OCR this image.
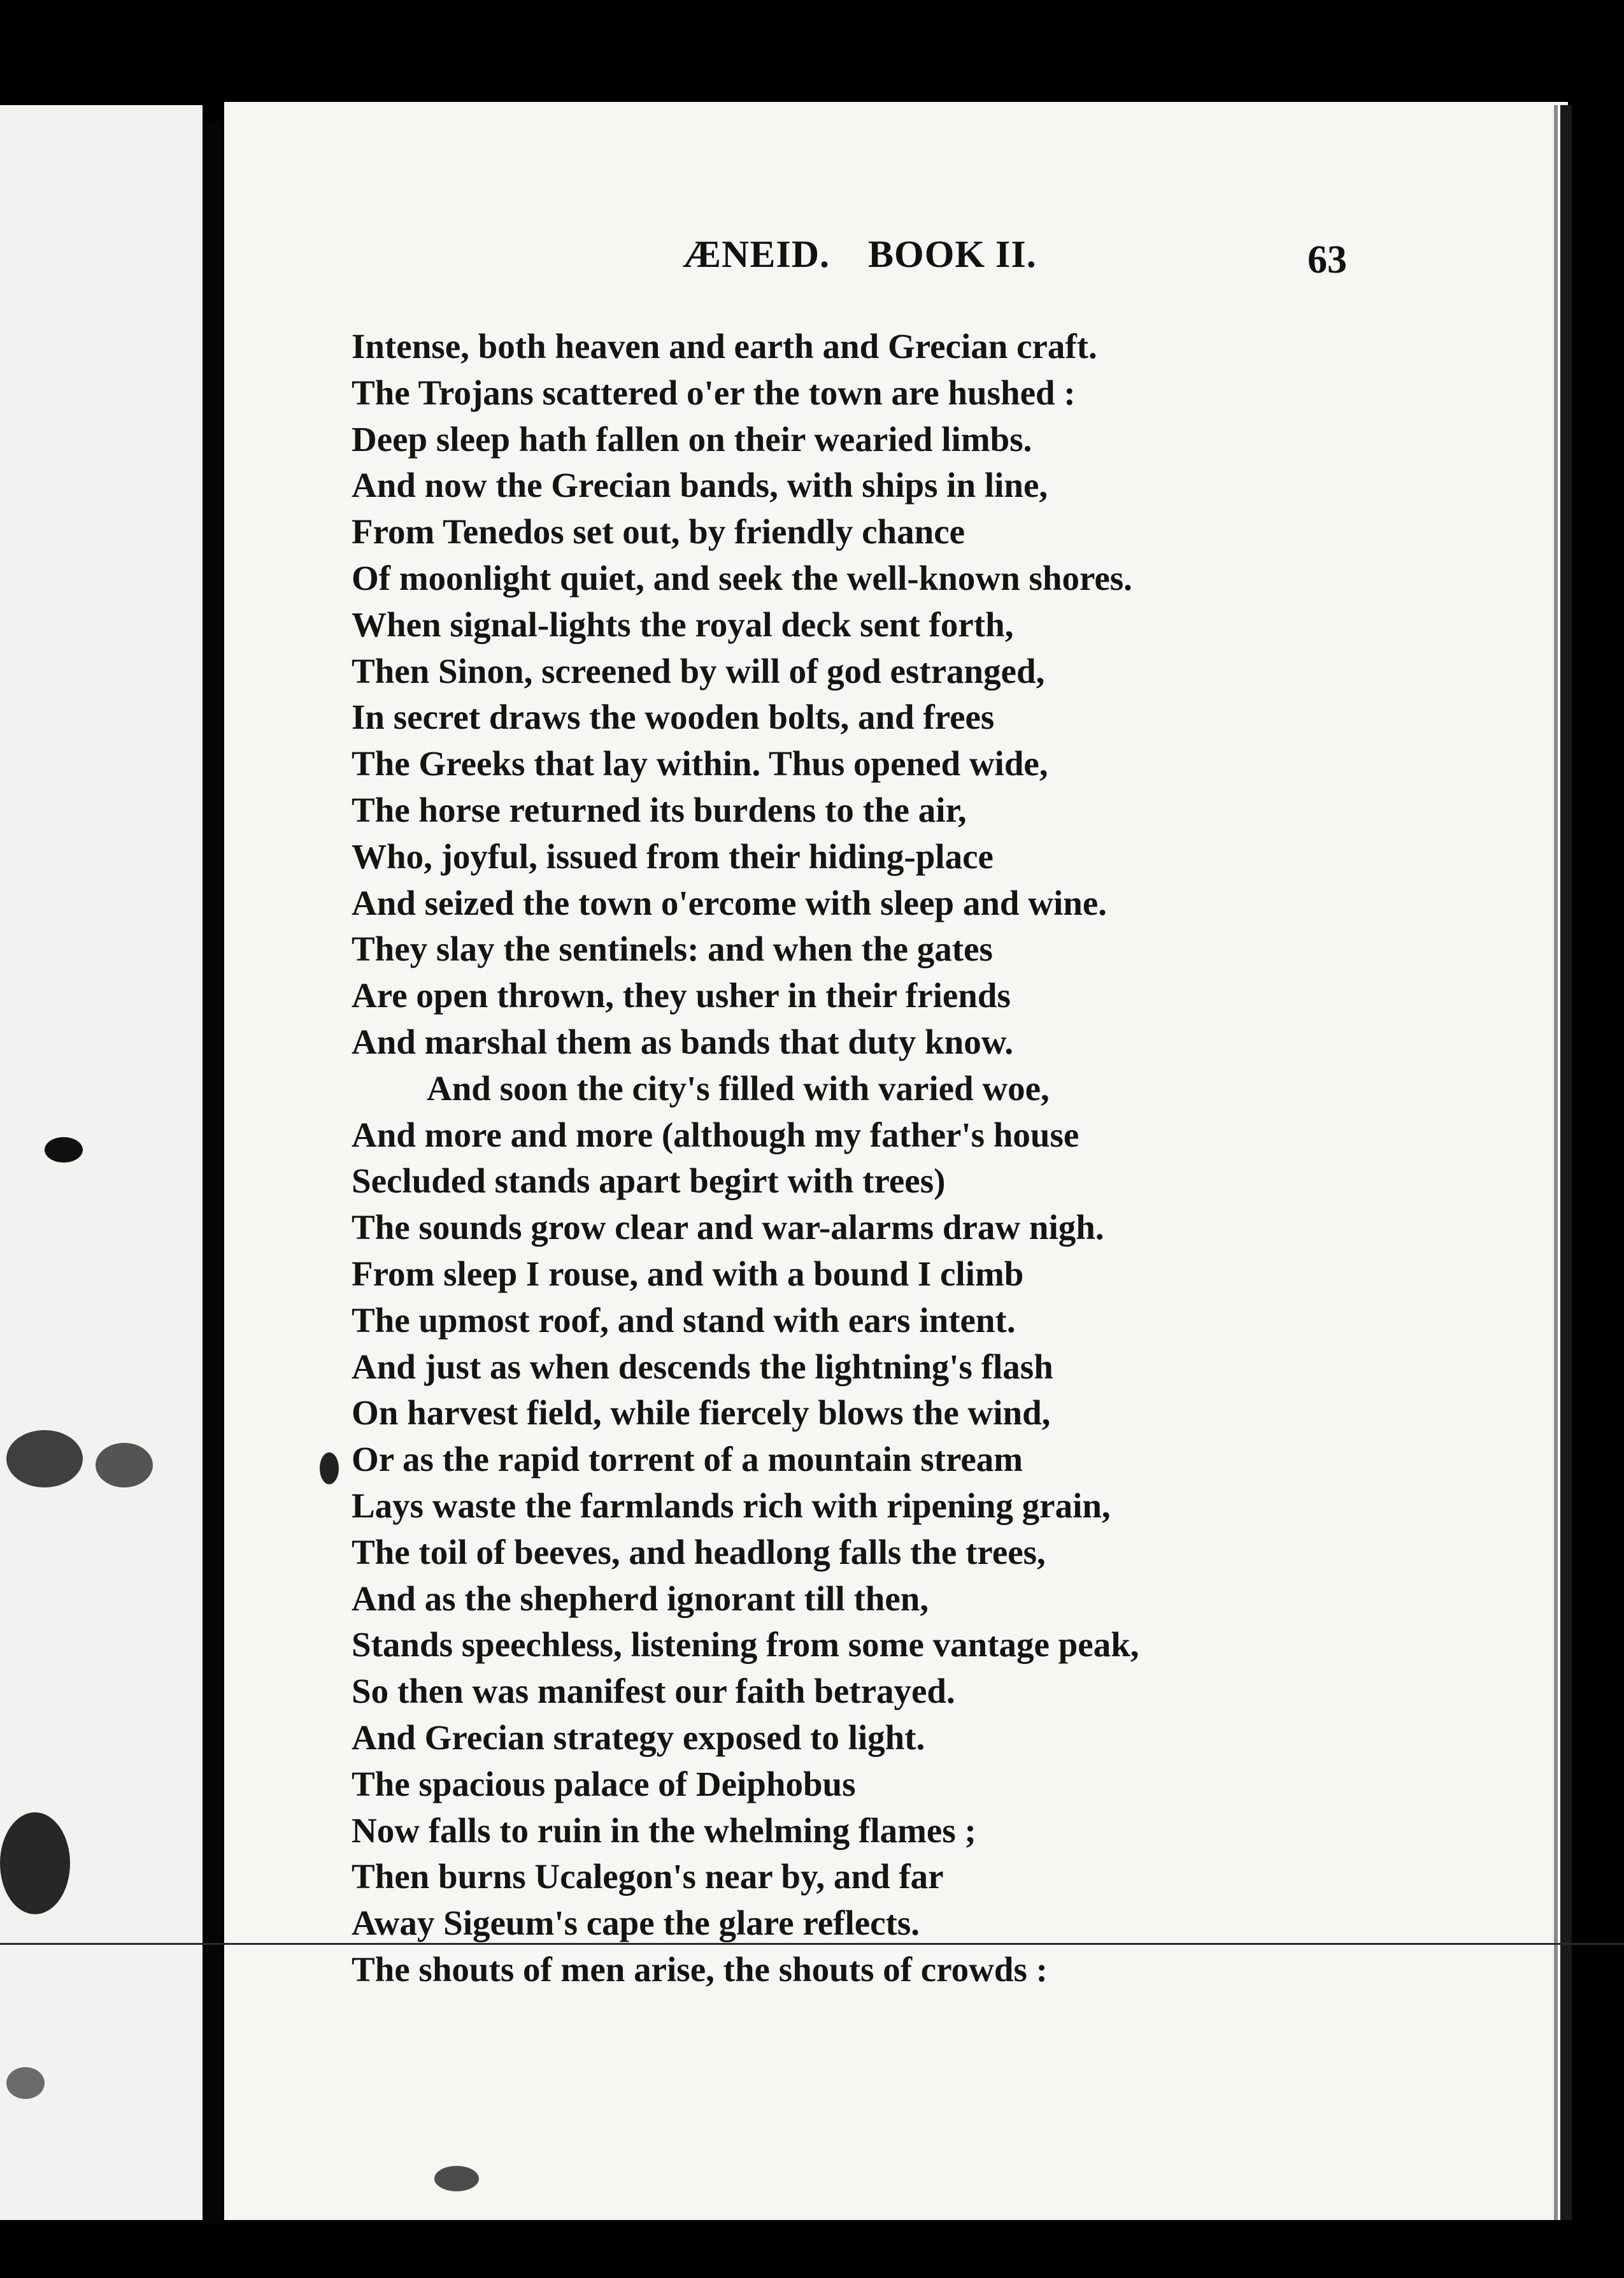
ÆNEID. BOOK II.	63
Intense, both heaven and earth and Grecian craft.
The Trojans scattered o'er the town are hushed :
Deep sleep hath fallen on their wearied limbs.
And now the Grecian bands, with ships in line,
From Tenedos set out, by friendly chance
Of moonlight quiet, and seek the well-known shores.
When signal-lights the royal deck sent forth,
Then Sinon, screened by will of god estranged,
In secret draws the wooden bolts, and frees
The Greeks that lay within. Thus opened wide,
The horse returned its burdens to the air,
Who, joyful, issued from their hiding-place
And seized the town o'ercome with sleep and wine.
They slay the sentinels: and when the gates
Are open thrown, they usher in their friends
And marshal them as bands that duty know.
And soon the city's filled with varied woe,
And more and more (although my father's house
Secluded stands apart begirt with trees)
The sounds grow clear and war-alarms draw nigh.
From sleep I rouse, and with a bound I climb
The upmost roof, and stand with ears intent.
And just as when descends the lightning's flash
On harvest field, while fiercely blows the wind,
Or as the rapid torrent of a mountain stream
Lays waste the farmlands rich with ripening grain,
The toil of beeves, and headlong falls the trees,
And as the shepherd ignorant till then,
Stands speechless, listening from some vantage peak,
So then was manifest our faith betrayed.
And Grecian strategy exposed to light.
The spacious palace of Deiphobus
Now falls to ruin in the whelming flames ;
Then burns Ucalegon's near by, and far
Away Sigeum's cape the glare reflects.
The shouts of men arise, the shouts of crowds :
